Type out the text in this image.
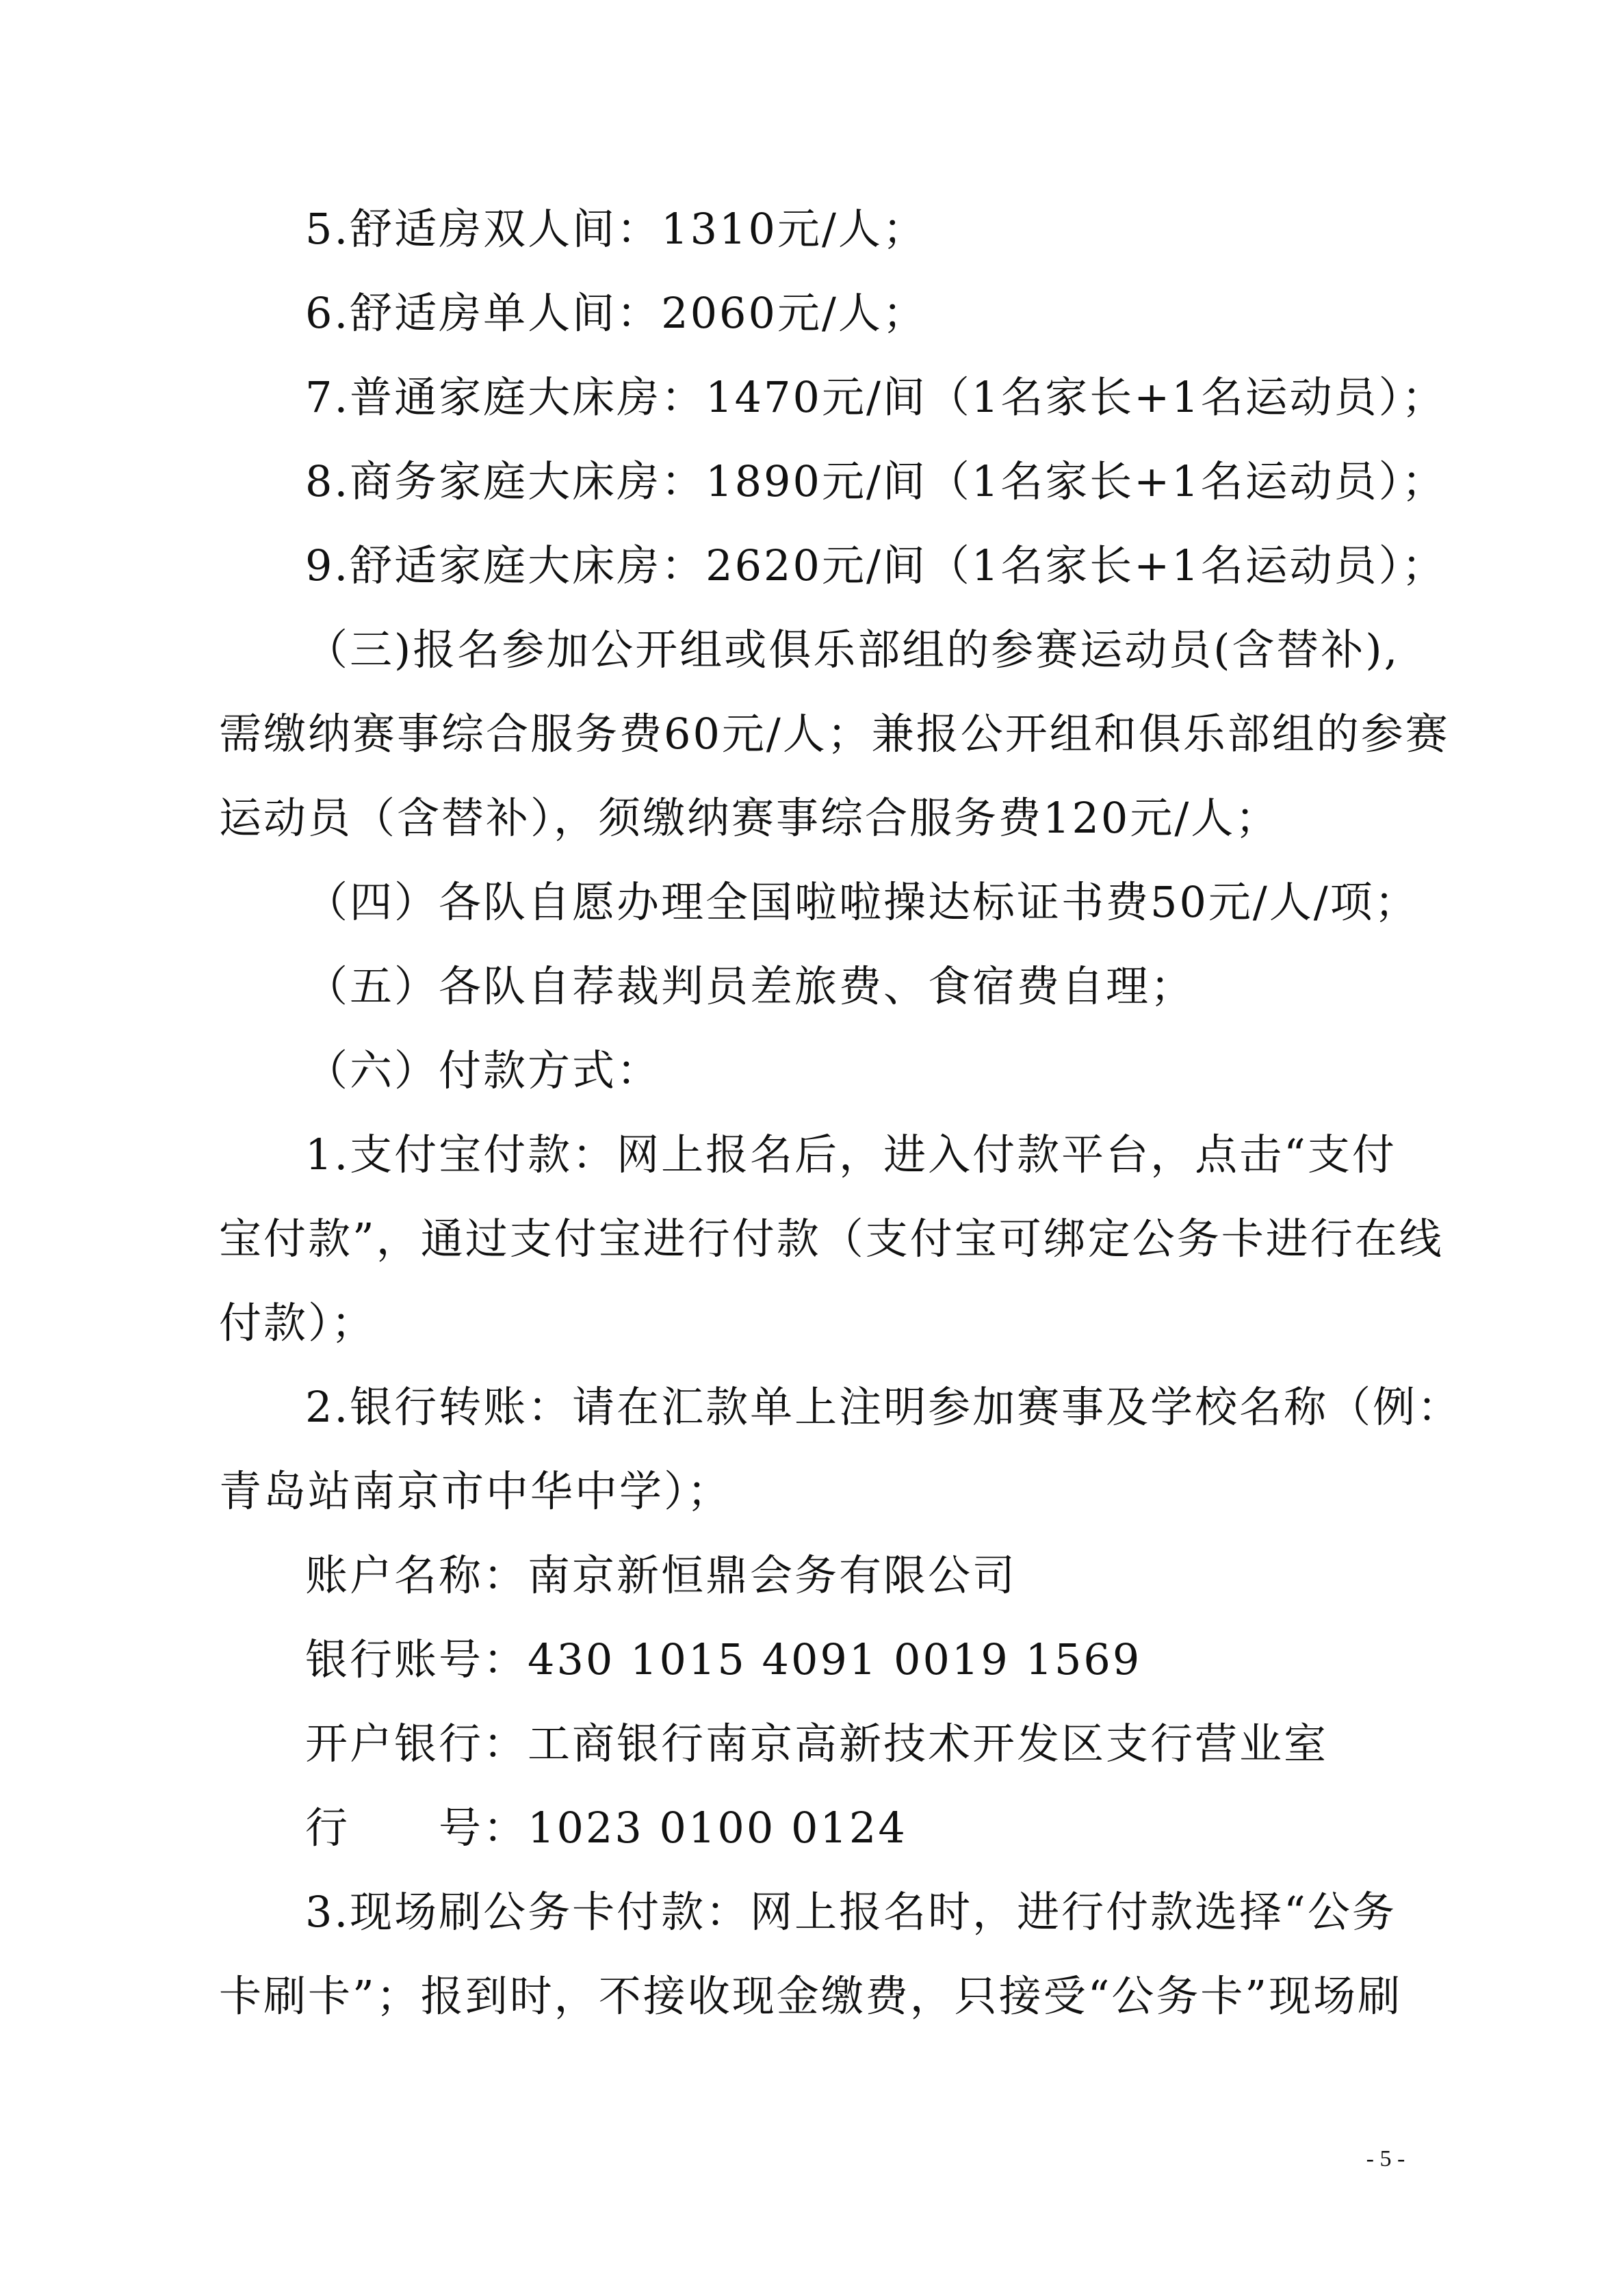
5.舒适房双人间：1310元/人；
6.舒适房单人间：2060元/人；
7.普通家庭大床房：1470元/间（1名家长+1名运动员）；
8.商务家庭大床房：1890元/间（1名家长+1名运动员）；
9.舒适家庭大床房：2620元/间（1名家长+1名运动员）；
（三)报名参加公开组或俱乐部组的参赛运动员(含替补),
需缴纳赛事综合服务费60元/人；兼报公开组和俱乐部组的参赛
运动员（含替补），须缴纳赛事综合服务费120元/人；
（四）各队自愿办理全国啦啦操达标证书费50元/人/项；
（五）各队自荐裁判员差旅费、食宿费自理；
（六）付款方式：
1.支付宝付款：网上报名后，进入付款平台，点击“支付
宝付款”，通过支付宝进行付款（支付宝可绑定公务卡进行在线
付款）；
2.银行转账：请在汇款单上注明参加赛事及学校名称（例：
青岛站南京市中华中学）；
账户名称：南京新恒鼎会务有限公司
银行账号：430 1015 4091 0019 1569
开户银行：工商银行南京高新技术开发区支行营业室
行　　号：1023 0100 0124
3.现场刷公务卡付款：网上报名时，进行付款选择“公务
卡刷卡”；报到时，不接收现金缴费，只接受“公务卡”现场刷
- 5 -
